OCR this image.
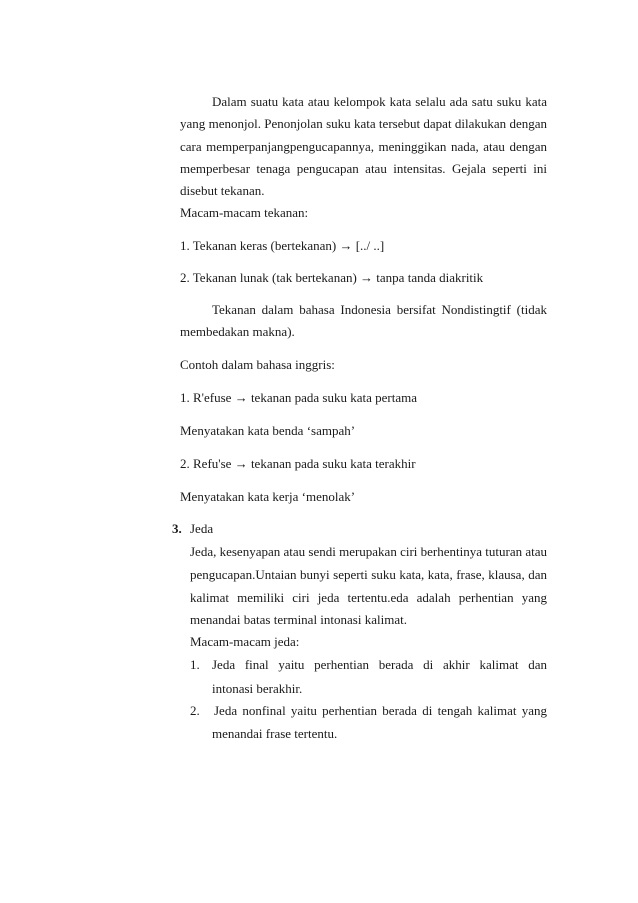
Dalam suatu kata atau kelompok kata selalu ada satu suku kata
yang menonjol. Penonjolan suku kata tersebut dapat dilakukan dengan
cara memperpanjangpengucapannya, meninggikan nada, atau dengan
memperbesar tenaga pengucapan atau intensitas. Gejala seperti ini
disebut tekanan.
Macam-macam tekanan:
1. Tekanan keras (bertekanan) → [../ ..]
2. Tekanan lunak (tak bertekanan) → tanpa tanda diakritik
Tekanan dalam bahasa Indonesia bersifat Nondistingtif (tidak
membedakan makna).
Contoh dalam bahasa inggris:
1. R'efuse → tekanan pada suku kata pertama
Menyatakan kata benda ‘sampah’
2. Refu'se → tekanan pada suku kata terakhir
Menyatakan kata kerja ‘menolak’
3. Jeda
Jeda, kesenyapan atau sendi merupakan ciri berhentinya tuturan atau
pengucapan.Untaian bunyi seperti suku kata, kata, frase, klausa, dan
kalimat memiliki ciri jeda tertentu.eda adalah perhentian yang
menandai batas terminal intonasi kalimat.
Macam-macam jeda:
1. Jeda final yaitu perhentian berada di akhir kalimat dan
intonasi berakhir.
2. Jeda nonfinal yaitu perhentian berada di tengah kalimat yang
menandai frase tertentu.
